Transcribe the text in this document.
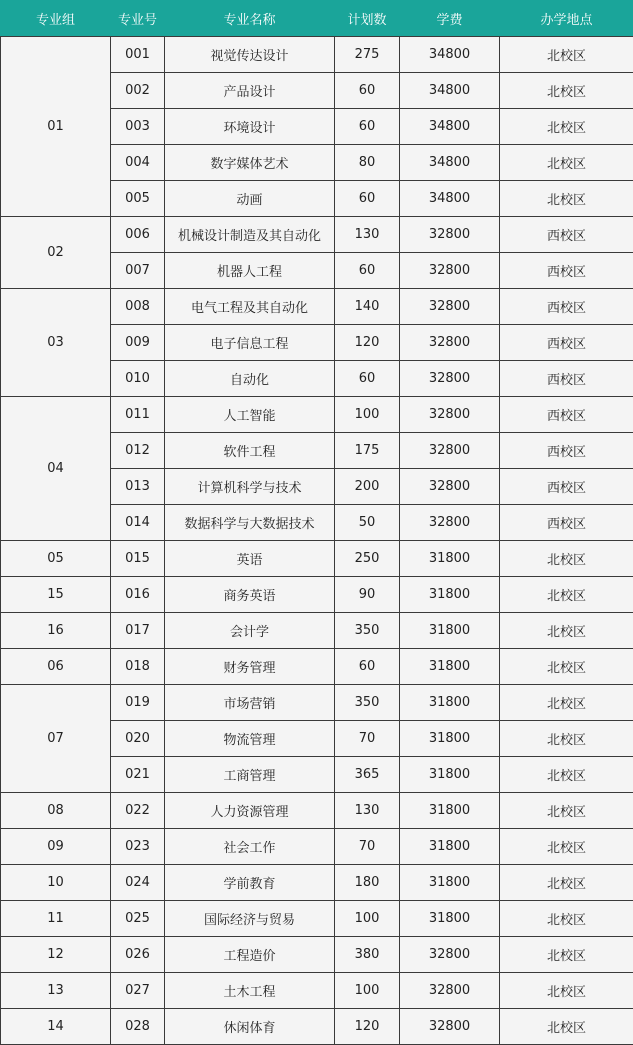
专业组	专业号	专业名称	计划数	学费	办学地点
01	001	视觉传达设计	275	34800	北校区
	002	产品设计	60	34800	北校区
	003	环境设计	60	34800	北校区
	004	数字媒体艺术	80	34800	北校区
	005	动画	60	34800	北校区
02	006	机械设计制造及其自动化	130	32800	西校区
	007	机器人工程	60	32800	西校区
03	008	电气工程及其自动化	140	32800	西校区
	009	电子信息工程	120	32800	西校区
	010	自动化	60	32800	西校区
04	011	人工智能	100	32800	西校区
	012	软件工程	175	32800	西校区
	013	计算机科学与技术	200	32800	西校区
	014	数据科学与大数据技术	50	32800	西校区
05	015	英语	250	31800	北校区
15	016	商务英语	90	31800	北校区
16	017	会计学	350	31800	北校区
06	018	财务管理	60	31800	北校区
07	019	市场营销	350	31800	北校区
	020	物流管理	70	31800	北校区
	021	工商管理	365	31800	北校区
08	022	人力资源管理	130	31800	北校区
09	023	社会工作	70	31800	北校区
10	024	学前教育	180	31800	北校区
11	025	国际经济与贸易	100	31800	北校区
12	026	工程造价	380	32800	北校区
13	027	土木工程	100	32800	北校区
14	028	休闲体育	120	32800	北校区
